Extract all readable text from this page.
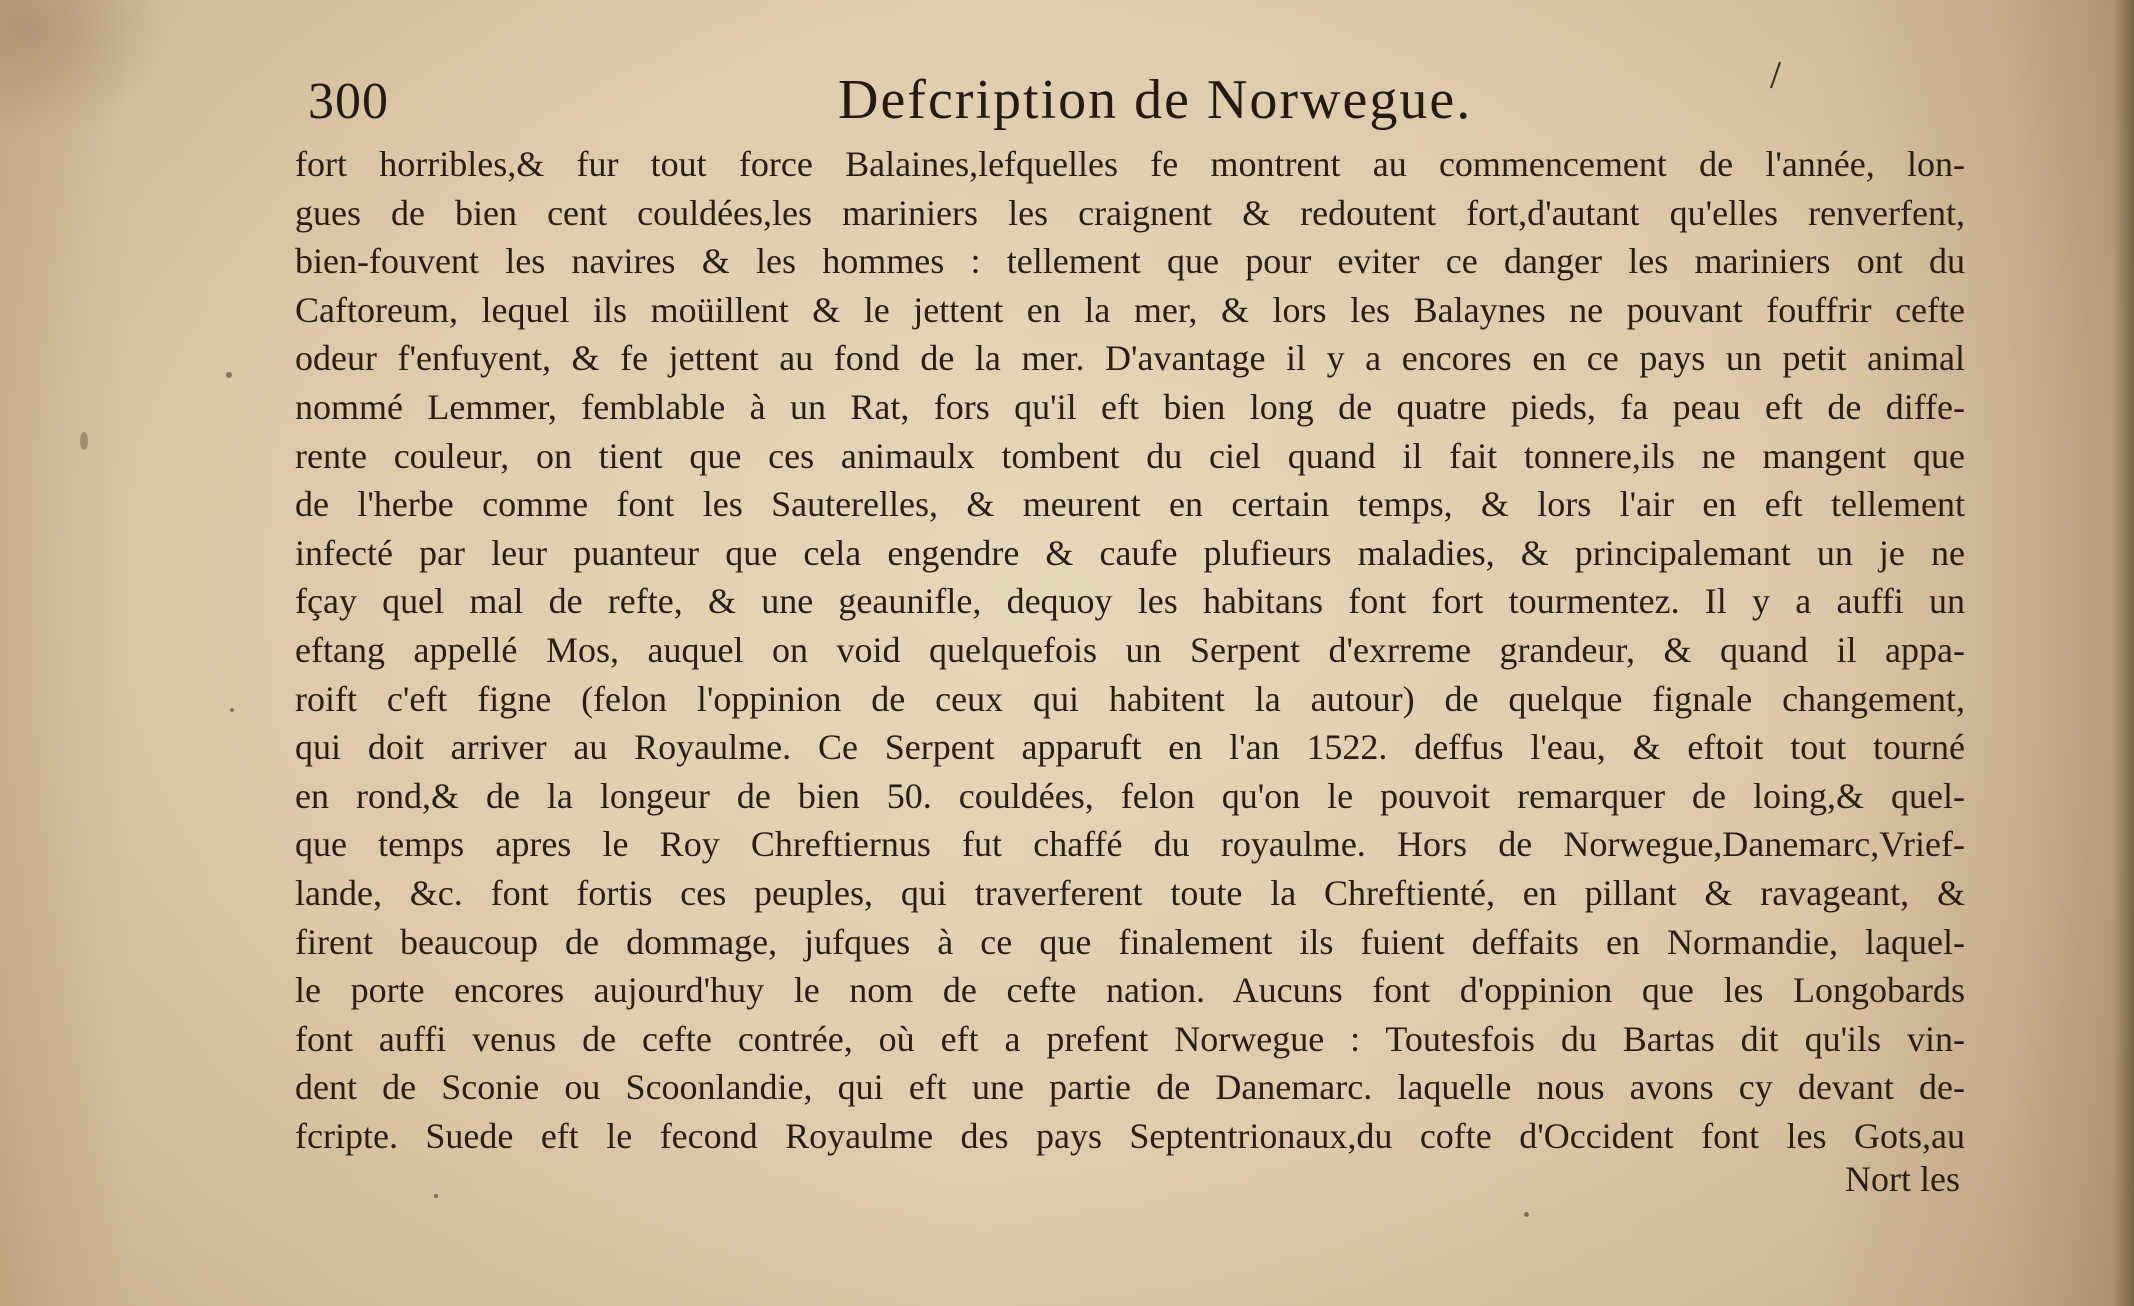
300	Defcription de Norwegue.
fort horribles,& fur tout force Balaines,lefquelles fe montrent au commencement de l'année, lon-
gues de bien cent couldées,les mariniers les craignent & redoutent fort,d'autant qu'elles renverfent,
bien-fouvent les navires & les hommes : tellement que pour eviter ce danger les mariniers ont du
Caftoreum, lequel ils moüillent & le jettent en la mer, & lors les Balaynes ne pouvant fouffrir cefte
odeur f'enfuyent, & fe jettent au fond de la mer. D'avantage il y a encores en ce pays un petit animal
nommé Lemmer, femblable à un Rat, fors qu'il eft bien long de quatre pieds, fa peau eft de diffe-
rente couleur, on tient que ces animaulx tombent du ciel quand il fait tonnere,ils ne mangent que
de l'herbe comme font les Sauterelles, & meurent en certain temps, & lors l'air en eft tellement
infecté par leur puanteur que cela engendre & caufe plufieurs maladies, & principalemant un je ne
fçay quel mal de refte, & une geaunifle, dequoy les habitans font fort tourmentez. Il y a auffi un
eftang appellé Mos, auquel on void quelquefois un Serpent d'exrreme grandeur, & quand il appa-
roift c'eft figne (felon l'oppinion de ceux qui habitent la autour) de quelque fignale changement,
qui doit arriver au Royaulme. Ce Serpent apparuft en l'an 1522. deffus l'eau, & eftoit tout tourné
en rond,& de la longeur de bien 50. couldées, felon qu'on le pouvoit remarquer de loing,& quel-
que temps apres le Roy Chreftiernus fut chaffé du royaulme. Hors de Norwegue,Danemarc,Vrief-
lande, &c. font fortis ces peuples, qui traverferent toute la Chreftienté, en pillant & ravageant, &
firent beaucoup de dommage, jufques à ce que finalement ils fuient deffaits en Normandie, laquel-
le porte encores aujourd'huy le nom de cefte nation. Aucuns font d'oppinion que les Longobards
font auffi venus de cefte contrée, où eft a prefent Norwegue : Toutesfois du Bartas dit qu'ils vin-
dent de Sconie ou Scoonlandie, qui eft une partie de Danemarc. laquelle nous avons cy devant de-
fcripte. Suede eft le fecond Royaulme des pays Septentrionaux,du cofte d'Occident font les Gots,au
Nort les
